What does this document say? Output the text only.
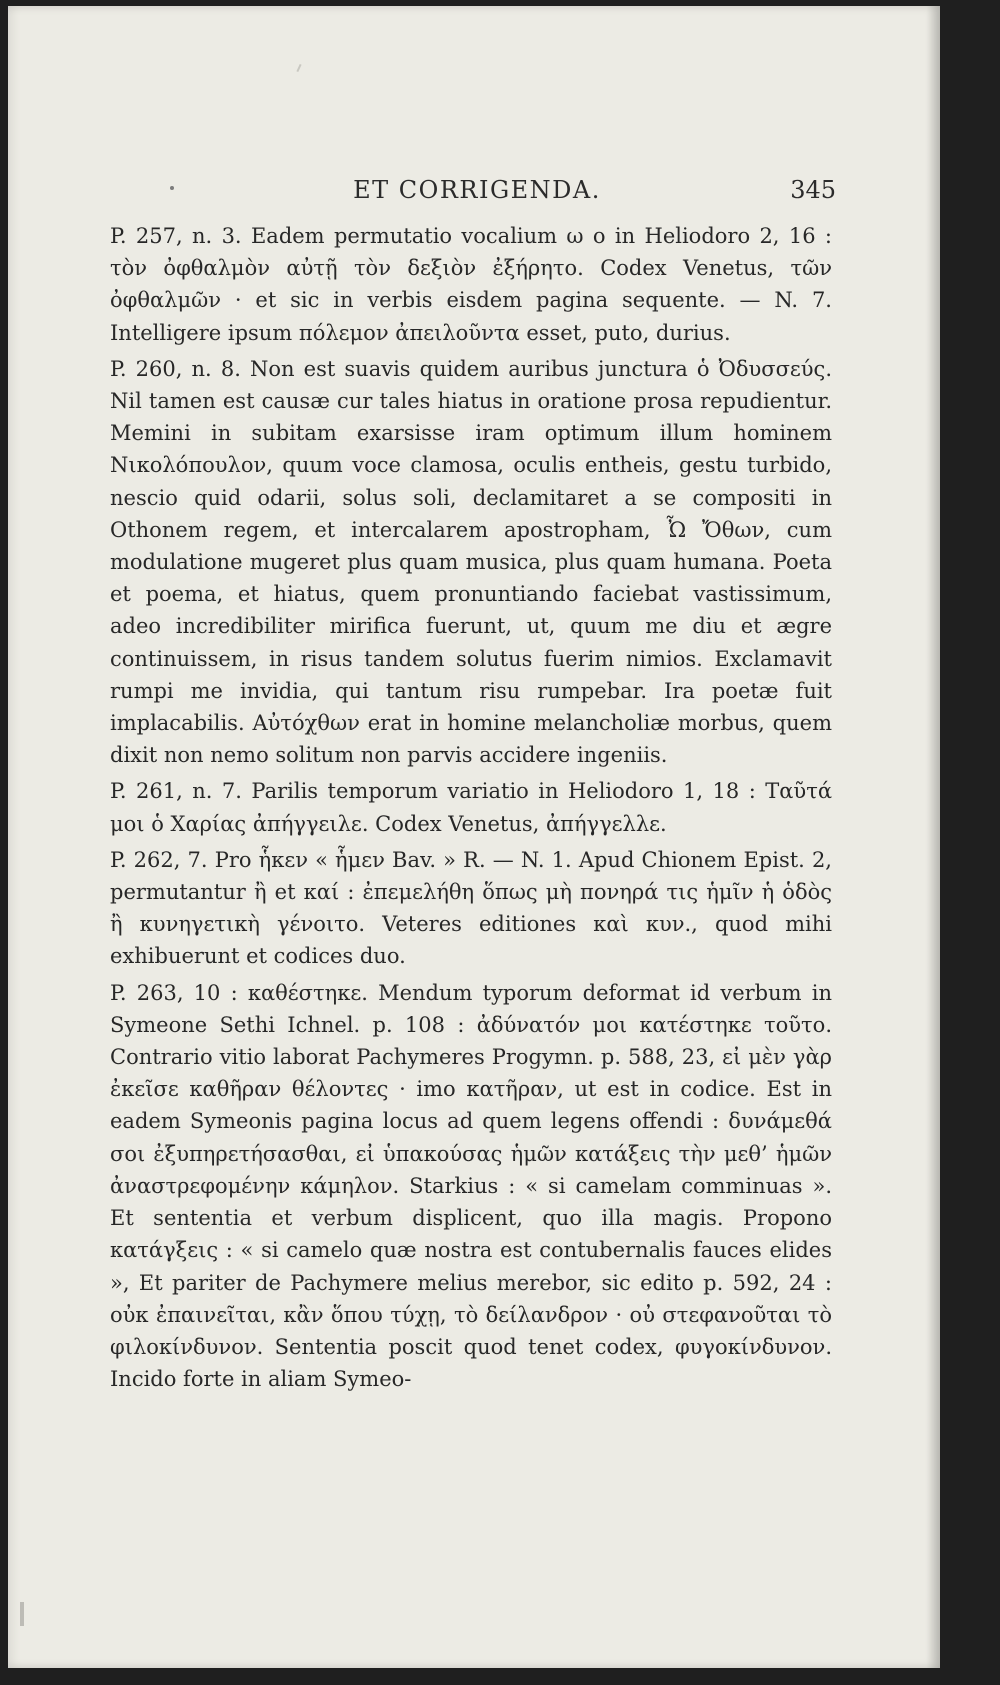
ET CORRIGENDA.	345

P. 257, n. 3. Eadem permutatio vocalium ω ο in Heliodoro 2, 16 : τὸν ὀφθαλμὸν αὐτῇ τὸν δεξιὸν ἐξήρητο. Codex Venetus, τῶν ὀφθαλμῶν · et sic in verbis eisdem pagina sequente. — N. 7. Intelligere ipsum πόλεμον ἀπειλοῦντα esset, puto, durius.

P. 260, n. 8. Non est suavis quidem auribus junctura ὁ Ὀδυσσεύς. Nil tamen est causæ cur tales hiatus in oratione prosa repudientur. Memini in subitam exarsisse iram optimum illum hominem Νικολόπουλον, quum voce clamosa, oculis entheis, gestu turbido, nescio quid odarii, solus soli, declamitaret a se compositi in Othonem regem, et intercalarem apostropham, Ὦ Ὄθων, cum modulatione mugeret plus quam musica, plus quam humana. Poeta et poema, et hiatus, quem pronuntiando faciebat vastissimum, adeo incredibiliter mirifica fuerunt, ut, quum me diu et ægre continuissem, in risus tandem solutus fuerim nimios. Exclamavit rumpi me invidia, qui tantum risu rumpebar. Ira poetæ fuit implacabilis. Αὐτόχθων erat in homine melancholiæ morbus, quem dixit non nemo solitum non parvis accidere ingeniis.

P. 261, n. 7. Parilis temporum variatio in Heliodoro 1, 18 : Ταῦτά μοι ὁ Χαρίας ἀπήγγειλε. Codex Venetus, ἀπήγγελλε.

P. 262, 7. Pro ἧκεν « ἧμεν Bav. » R. — N. 1. Apud Chionem Epist. 2, permutantur ἢ et καί : ἐπεμελήθη ὅπως μὴ πονηρά τις ἡμῖν ἡ ὁδὸς ἢ κυνηγετικὴ γένοιτο. Veteres editiones καὶ κυν., quod mihi exhibuerunt et codices duo.

P. 263, 10 : καθέστηκε. Mendum typorum deformat id verbum in Symeone Sethi Ichnel. p. 108 : ἀδύνατόν μοι κατέστηκε τοῦτο. Contrario vitio laborat Pachymeres Progymn. p. 588, 23, εἰ μὲν γὰρ ἐκεῖσε καθῆραν θέλοντες · imo κατῆραν, ut est in codice. Est in eadem Symeonis pagina locus ad quem legens offendi : δυνάμεθά σοι ἐξυπηρετήσασθαι, εἰ ὑπακούσας ἡμῶν κατάξεις τὴν μεθ’ ἡμῶν ἀναστρεφομένην κάμηλον. Starkius : « si camelam comminuas ». Et sententia et verbum displicent, quo illa magis. Propono κατάγξεις : « si camelo quæ nostra est contubernalis fauces elides », Et pariter de Pachymere melius merebor, sic edito p. 592, 24 : οὐκ ἐπαινεῖται, κἂν ὅπου τύχῃ, τὸ δείλανδρον · οὐ στεφανοῦται τὸ φιλοκίνδυνον. Sententia poscit quod tenet codex, φυγοκίνδυνον. Incido forte in aliam Symeo-
